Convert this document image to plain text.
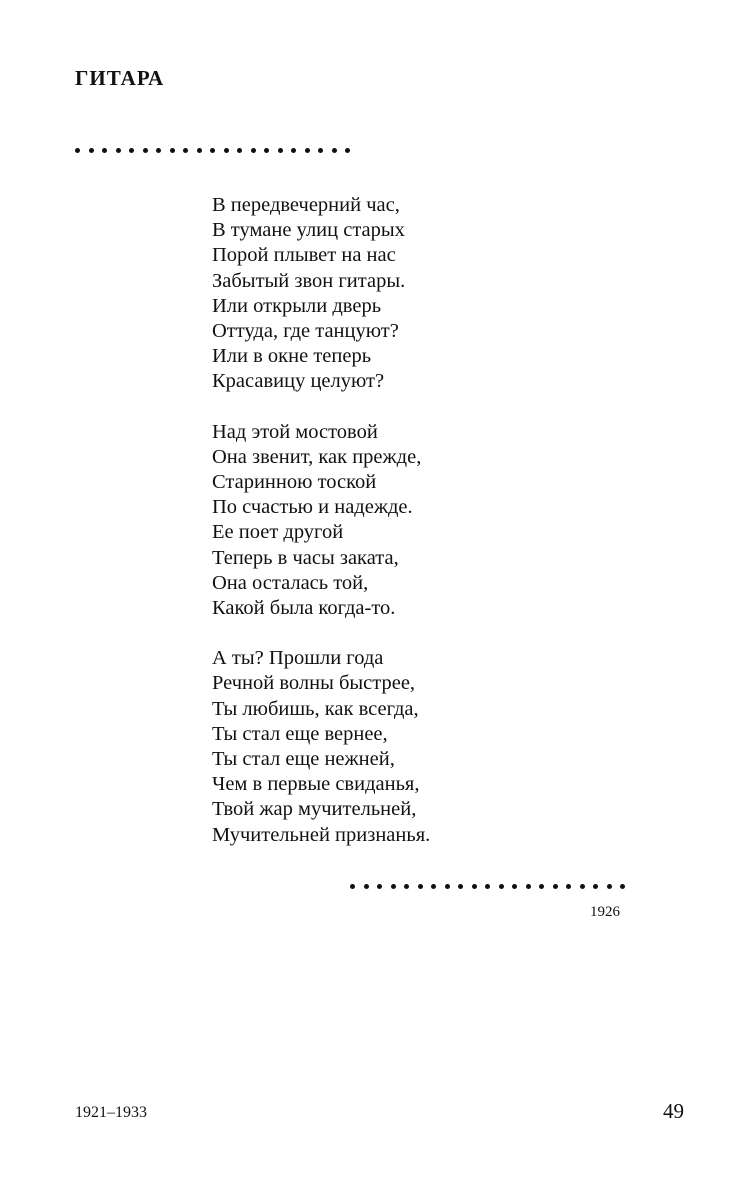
ГИТАРА
В передвечерний час,
В тумане улиц старых
Порой плывет на нас
Забытый звон гитары.
Или открыли дверь
Оттуда, где танцуют?
Или в окне теперь
Красавицу целуют?
Над этой мостовой
Она звенит, как прежде,
Старинною тоской
По счастью и надежде.
Ее поет другой
Теперь в часы заката,
Она осталась той,
Какой была когда-то.
А ты? Прошли года
Речной волны быстрее,
Ты любишь, как всегда,
Ты стал еще вернее,
Ты стал еще нежней,
Чем в первые свиданья,
Твой жар мучительней,
Мучительней признанья.
1926
1921–1933	49
